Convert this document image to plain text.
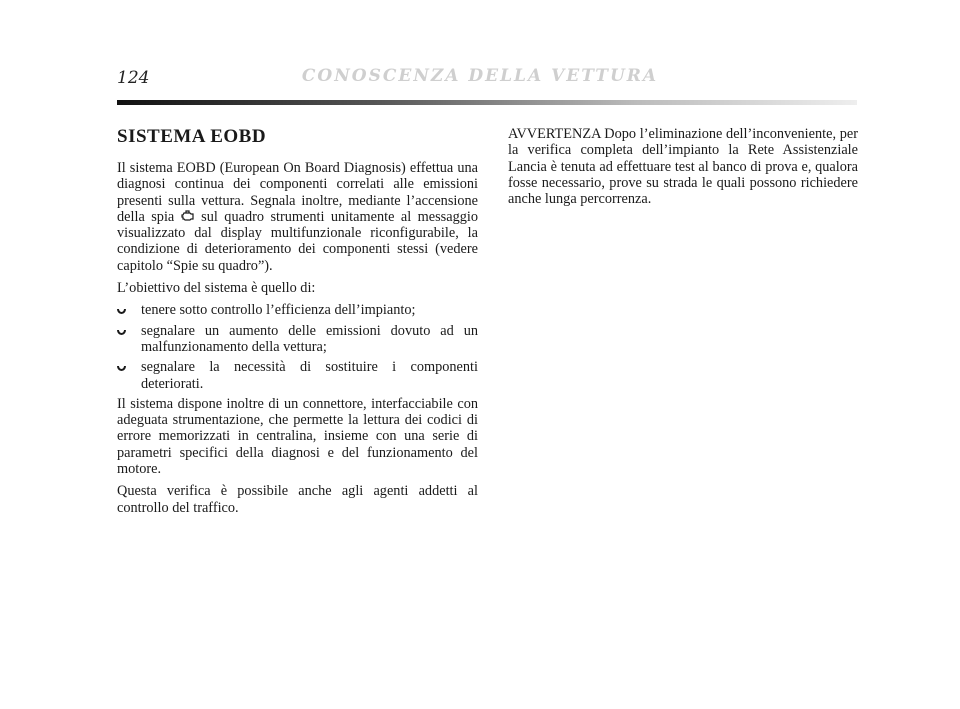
124	CONOSCENZA DELLA VETTURA
SISTEMA EOBD

Il sistema EOBD (European On Board Diagnosis) effettua una diagnosi continua dei componenti correlati alle emissioni presenti sulla vettura. Segnala inoltre, mediante l’accensione della spia sul quadro strumenti unitamente al messaggio visualizzato dal display multifunzionale riconfigurabile, la condizione di deterioramento dei componenti stessi (vedere capitolo “Spie su quadro”).

L’obiettivo del sistema è quello di:

tenere sotto controllo l’efficienza dell’impianto;
segnalare un aumento delle emissioni dovuto ad un malfunzionamento della vettura;
segnalare la necessità di sostituire i componenti deteriorati.

Il sistema dispone inoltre di un connettore, interfacciabile con adeguata strumentazione, che permette la lettura dei codici di errore memorizzati in centralina, insieme con una serie di parametri specifici della diagnosi e del funzionamento del motore.

Questa verifica è possibile anche agli agenti addetti al controllo del traffico.

AVVERTENZA Dopo l’eliminazione dell’inconveniente, per la verifica completa dell’impianto la Rete Assistenziale Lancia è tenuta ad effettuare test al banco di prova e, qualora fosse necessario, prove su strada le quali possono richiedere anche lunga percorrenza.
